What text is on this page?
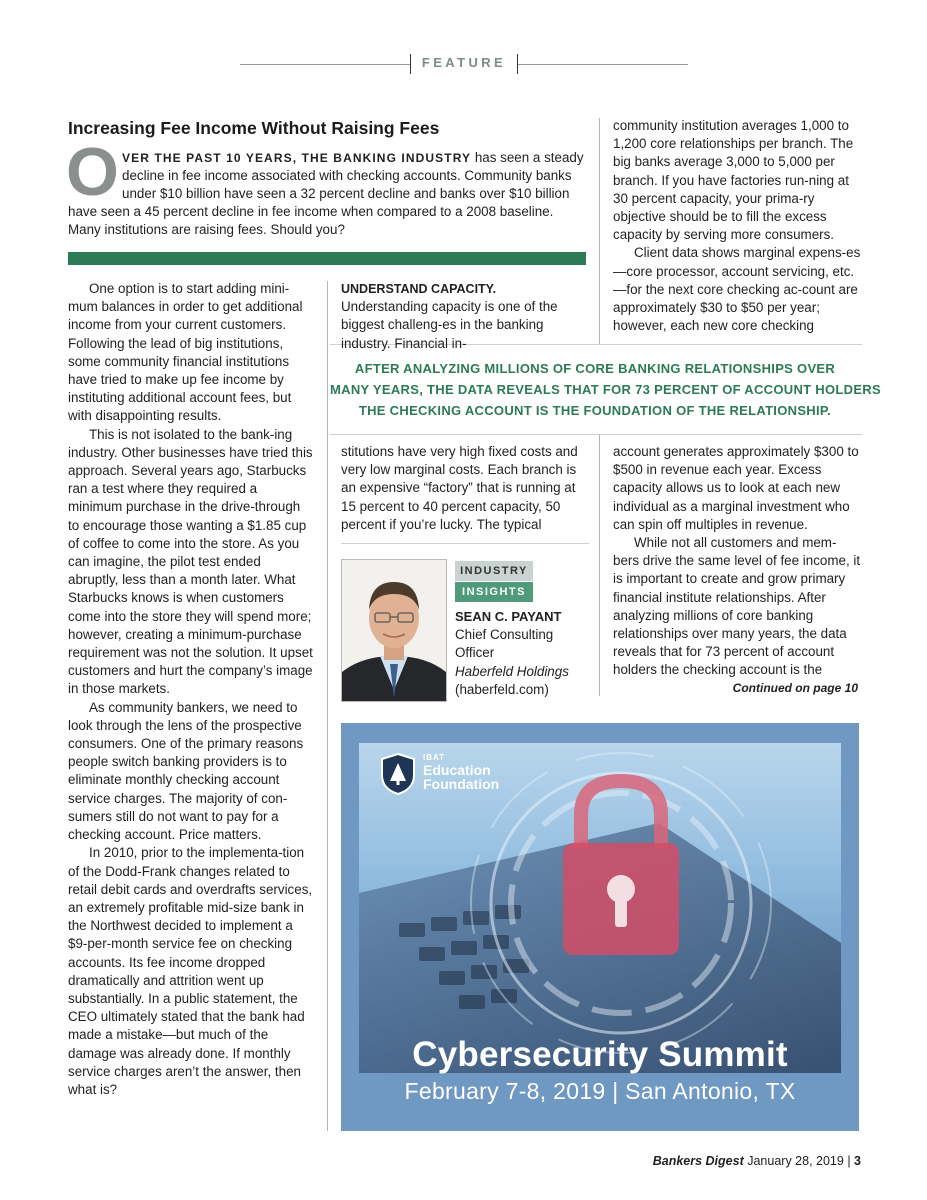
FEATURE
Increasing Fee Income Without Raising Fees
O VER THE PAST 10 YEARS, THE BANKING INDUSTRY has seen a steady
decline in fee income associated with checking accounts. Community banks
under $10 billion have seen a 32 percent decline and banks over $10 billion
have seen a 45 percent decline in fee income when compared to a 2008 baseline.
Many institutions are raising fees. Should you?

One option is to start adding mini-mum balances in order to get additional income from your current customers. Following the lead of big institutions, some community financial institutions have tried to make up fee income by instituting additional account fees, but with disappointing results.

This is not isolated to the bank-ing industry. Other businesses have tried this approach. Several years ago, Starbucks ran a test where they required a minimum purchase in the drive-through to encourage those wanting a $1.85 cup of coffee to come into the store. As you can imagine, the pilot test ended abruptly, less than a month later. What Starbucks knows is when customers come into the store they will spend more; however, creating a minimum-purchase requirement was not the solution. It upset customers and hurt the company’s image in those markets.

As community bankers, we need to look through the lens of the prospective consumers. One of the primary reasons people switch banking providers is to eliminate monthly checking account service charges. The majority of con-sumers still do not want to pay for a checking account. Price matters.

In 2010, prior to the implementa-tion of the Dodd-Frank changes related to retail debit cards and overdrafts services, an extremely profitable mid-size bank in the Northwest decided to implement a $9-per-month service fee on checking accounts. Its fee income dropped dramatically and attrition went up substantially. In a public statement, the CEO ultimately stated that the bank had made a mistake—but much of the damage was already done. If monthly service charges aren’t the answer, then what is?

UNDERSTAND CAPACITY. Understanding capacity is one of the biggest challeng-es in the banking industry. Financial in-

community institution averages 1,000 to 1,200 core relationships per branch. The big banks average 3,000 to 5,000 per branch. If you have factories run-ning at 30 percent capacity, your prima-ry objective should be to fill the excess capacity by serving more consumers.

Client data shows marginal expens-es—core processor, account servicing, etc.—for the next core checking ac-count are approximately $30 to $50 per year; however, each new core checking

AFTER ANALYZING MILLIONS OF CORE BANKING RELATIONSHIPS OVER
MANY YEARS, THE DATA REVEALS THAT FOR 73 PERCENT OF ACCOUNT HOLDERS
THE CHECKING ACCOUNT IS THE FOUNDATION OF THE RELATIONSHIP.

stitutions have very high fixed costs and very low marginal costs. Each branch is an expensive “factory” that is running at 15 percent to 40 percent capacity, 50 percent if you’re lucky. The typical

INDUSTRY
INSIGHTS
SEAN C. PAYANT
Chief Consulting
Officer
Haberfeld Holdings
(haberfeld.com)

account generates approximately $300 to $500 in revenue each year. Excess capacity allows us to look at each new individual as a marginal investment who can spin off multiples in revenue.

While not all customers and mem-bers drive the same level of fee income, it is important to create and grow primary financial institute relationships. After analyzing millions of core banking relationships over many years, the data reveals that for 73 percent of account holders the checking account is the

Continued on page 10
IBAT
Education
Foundation
Cybersecurity Summit
February 7-8, 2019 | San Antonio, TX
Bankers Digest January 28, 2019 | 3
